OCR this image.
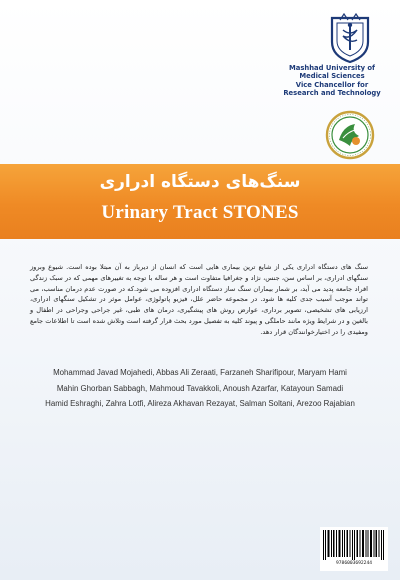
Mashhad University of
Medical Sciences
Vice Chancellor for
Research and Technology
سنگ‌های دستگاه ادراری
Urinary Tract STONES
سنگ های دستگاه ادراری یکی از شایع ترین بیماری هایی است که انسان از دیرباز به آن مبتلا بوده است. شیوع وبروز سنگهای ادراری، بر اساس سن، جنس، نژاد و جغرافیا متفاوت است و هر ساله با توجه به تغییرهای مهمی که در سبک زندگی افراد جامعه پدید می آید، بر شمار بیماران سنگ ساز دستگاه ادراری افزوده می شود.که در صورت عدم درمان مناسب، می تواند موجب آسیب جدی کلیه ها شود. در مجموعه حاضر علل، فیزیو پاتولوژی، عوامل موثر در تشکیل سنگهای ادراری، ارزیابی های تشخیصی، تصویر برداری، عوارض روش های پیشگیری، درمان های طبی، غیر جراحی وجراحی در اطفال و بالغین و در شرایط ویژه مانند حاملگی و پیوند کلیه به تفصیل مورد بحث قرار گرفته است وتلاش شده است تا اطلاعات جامع ومفیدی را در اختیارخوانندگان قرار دهد.
Mohammad Javad Mojahedi, Abbas Ali Zeraati, Farzaneh Sharifipour, Maryam Hami
Mahin Ghorban Sabbagh, Mahmoud Tavakkoli, Anoush Azarfar, Katayoun Samadi
Hamid Eshraghi, Zahra Lotfi, Alireza Akhavan Rezayat, Salman Soltani, Arezoo Rajabian
9786003692244
